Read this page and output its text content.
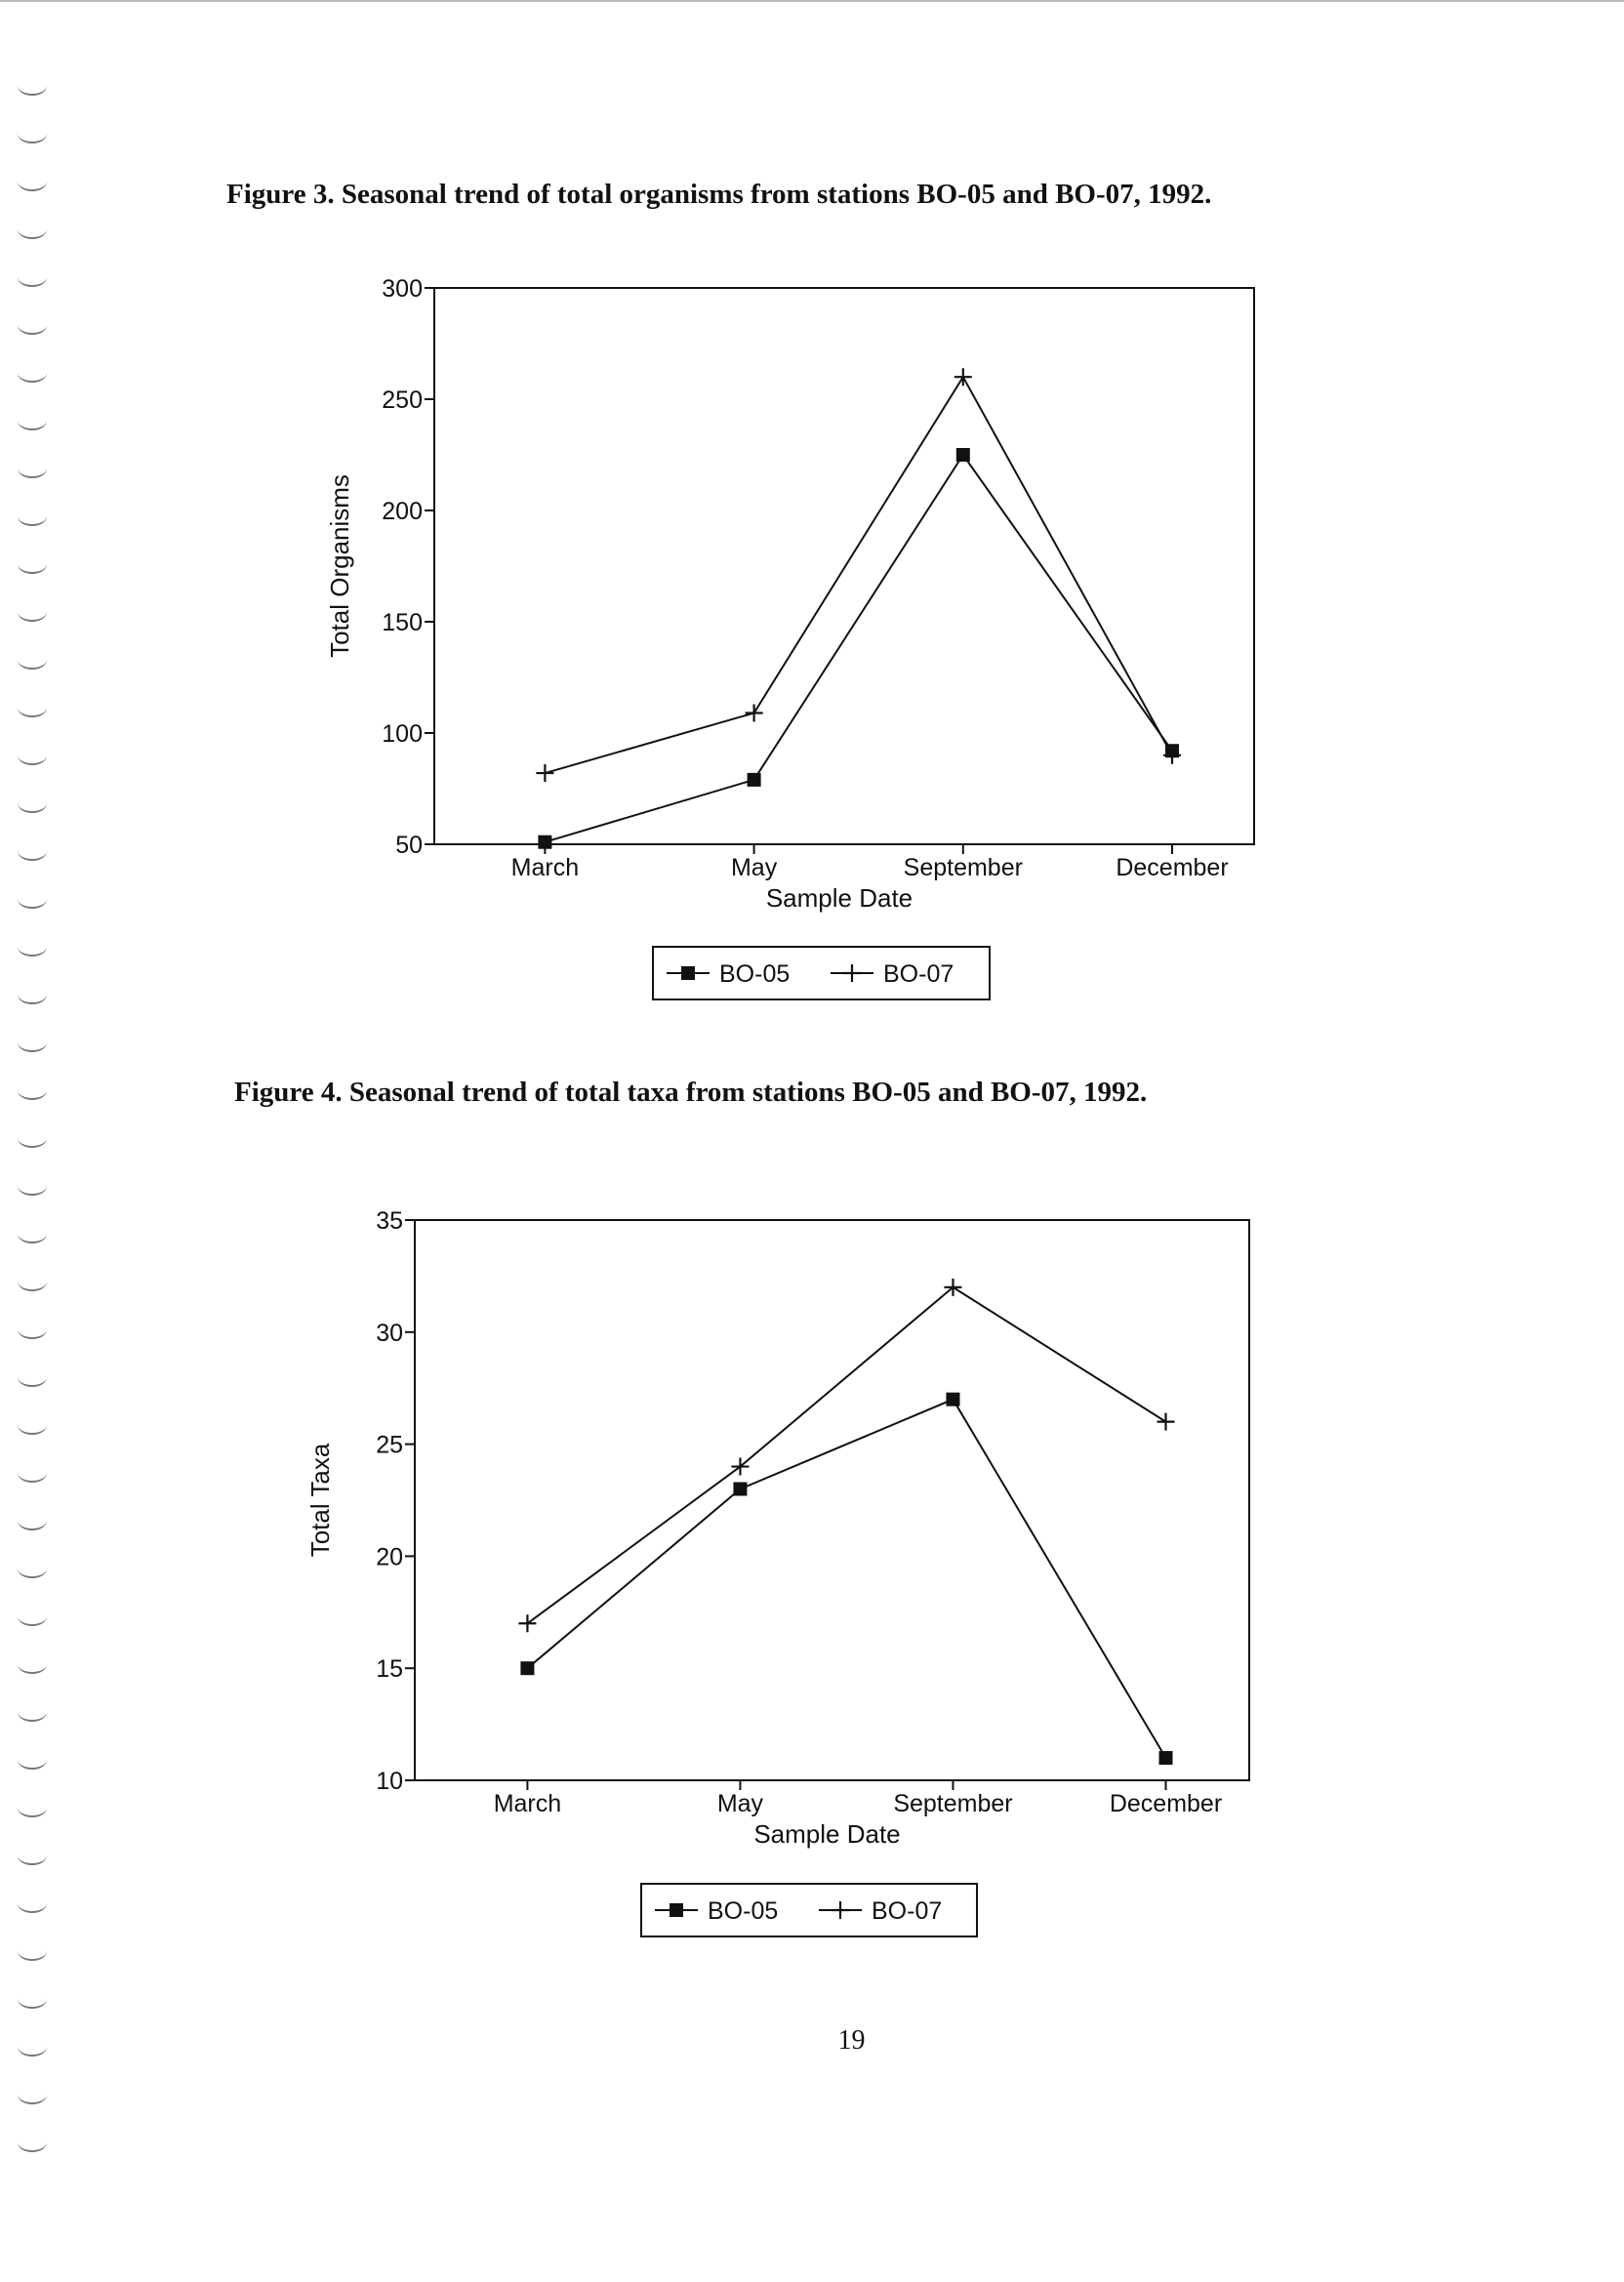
Figure 3. Seasonal trend of total organisms from stations BO-05 and BO-07, 1992.
50
100
150
200
250
300
March	May	September	December
Sample Date
Total Organisms
BO-05	BO-07
Figure 4. Seasonal trend of total taxa from stations BO-05 and BO-07, 1992.
10
15
20
25
30
35
March	May	September	December
Sample Date
Total Taxa
BO-05	BO-07
19
